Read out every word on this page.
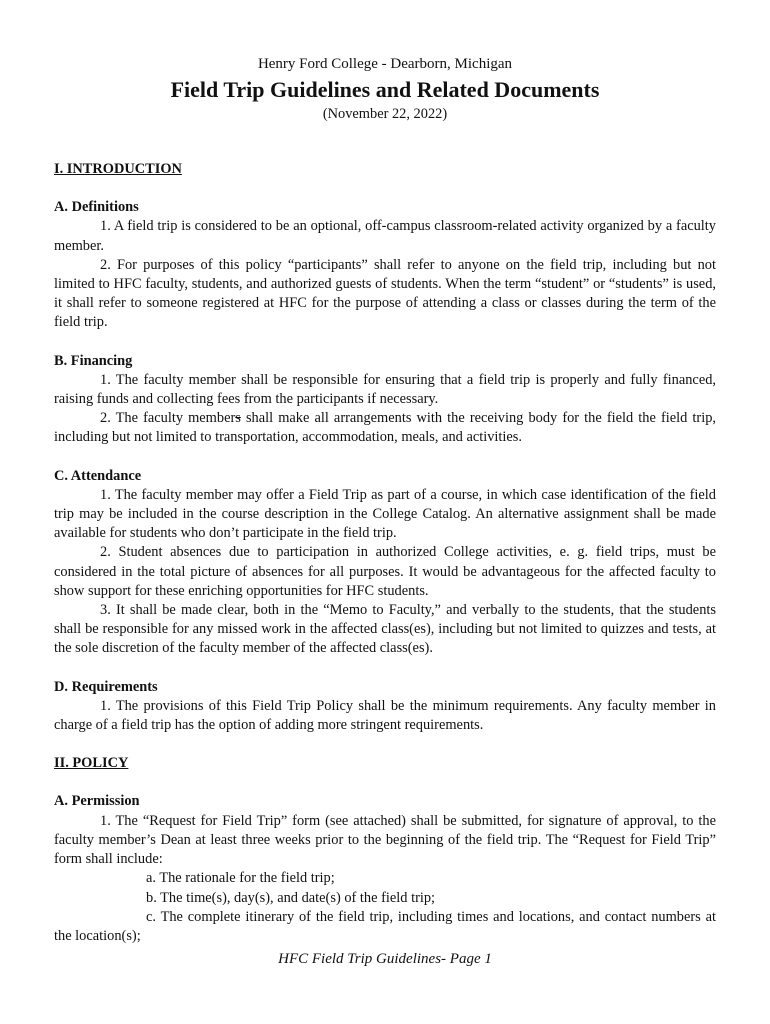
Henry Ford College - Dearborn, Michigan
Field Trip Guidelines and Related Documents
(November 22, 2022)
I. INTRODUCTION
A. Definitions

1. A field trip is considered to be an optional, off-campus classroom-related activity organized by a faculty member.

2. For purposes of this policy “participants” shall refer to anyone on the field trip, including but not limited to HFC faculty, students, and authorized guests of students. When the term “student” or “students” is used, it shall refer to someone registered at HFC for the purpose of attending a class or classes during the term of the field trip.

B. Financing

1. The faculty member shall be responsible for ensuring that a field trip is properly and fully financed, raising funds and collecting fees from the participants if necessary.

2. The faculty members shall make all arrangements with the receiving body for the field the field trip, including but not limited to transportation, accommodation, meals, and activities.

C. Attendance

1. The faculty member may offer a Field Trip as part of a course, in which case identification of the field trip may be included in the course description in the College Catalog. An alternative assignment shall be made available for students who don’t participate in the field trip.

2. Student absences due to participation in authorized College activities, e. g. field trips, must be considered in the total picture of absences for all purposes. It would be advantageous for the affected faculty to show support for these enriching opportunities for HFC students.

3. It shall be made clear, both in the “Memo to Faculty,” and verbally to the students, that the students shall be responsible for any missed work in the affected class(es), including but not limited to quizzes and tests, at the sole discretion of the faculty member of the affected class(es).

D. Requirements

1. The provisions of this Field Trip Policy shall be the minimum requirements. Any faculty member in charge of a field trip has the option of adding more stringent requirements.

II. POLICY
A. Permission

1. The “Request for Field Trip” form (see attached) shall be submitted, for signature of approval, to the faculty member’s Dean at least three weeks prior to the beginning of the field trip. The “Request for Field Trip” form shall include:

a. The rationale for the field trip;

b. The time(s), day(s), and date(s) of the field trip;

c. The complete itinerary of the field trip, including times and locations, and contact numbers at the location(s);

HFC Field Trip Guidelines- Page 1
